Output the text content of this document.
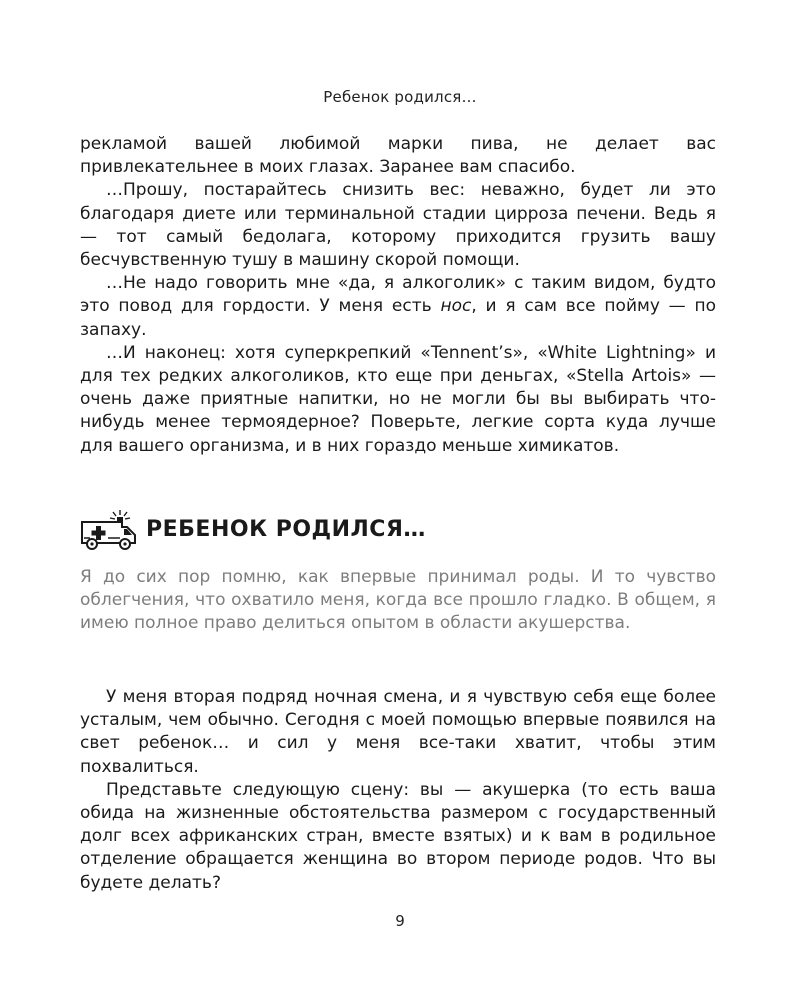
Ребенок родился…

рекламой вашей любимой марки пива, не делает вас привлекательнее в моих глазах. Заранее вам спасибо.

…Прошу, постарайтесь снизить вес: неважно, будет ли это благодаря диете или терминальной стадии цирроза печени. Ведь я — тот самый бедолага, которому приходится грузить вашу бесчувственную тушу в машину скорой помощи.

…Не надо говорить мне «да, я алкоголик» с таким видом, будто это повод для гордости. У меня есть нос, и я сам все пойму — по запаху.

…И наконец: хотя суперкрепкий «Tennent’s», «White Lightning» и для тех редких алкоголиков, кто еще при деньгах, «Stella Artois» — очень даже приятные напитки, но не могли бы вы выбирать что-нибудь менее термоядерное? Поверьте, легкие сорта куда лучше для вашего организма, и в них гораздо меньше химикатов.

РЕБЕНОК РОДИЛСЯ…

Я до сих пор помню, как впервые принимал роды. И то чувство облегчения, что охватило меня, когда все прошло гладко. В общем, я имею полное право делиться опытом в области акушерства.

У меня вторая подряд ночная смена, и я чувствую себя еще более усталым, чем обычно. Сегодня с моей помощью впервые появился на свет ребенок… и сил у меня все-таки хватит, чтобы этим похвалиться.

Представьте следующую сцену: вы — акушерка (то есть ваша обида на жизненные обстоятельства размером с государственный долг всех африканских стран, вместе взятых) и к вам в родильное отделение обращается женщина во втором периоде родов. Что вы будете делать?

9
